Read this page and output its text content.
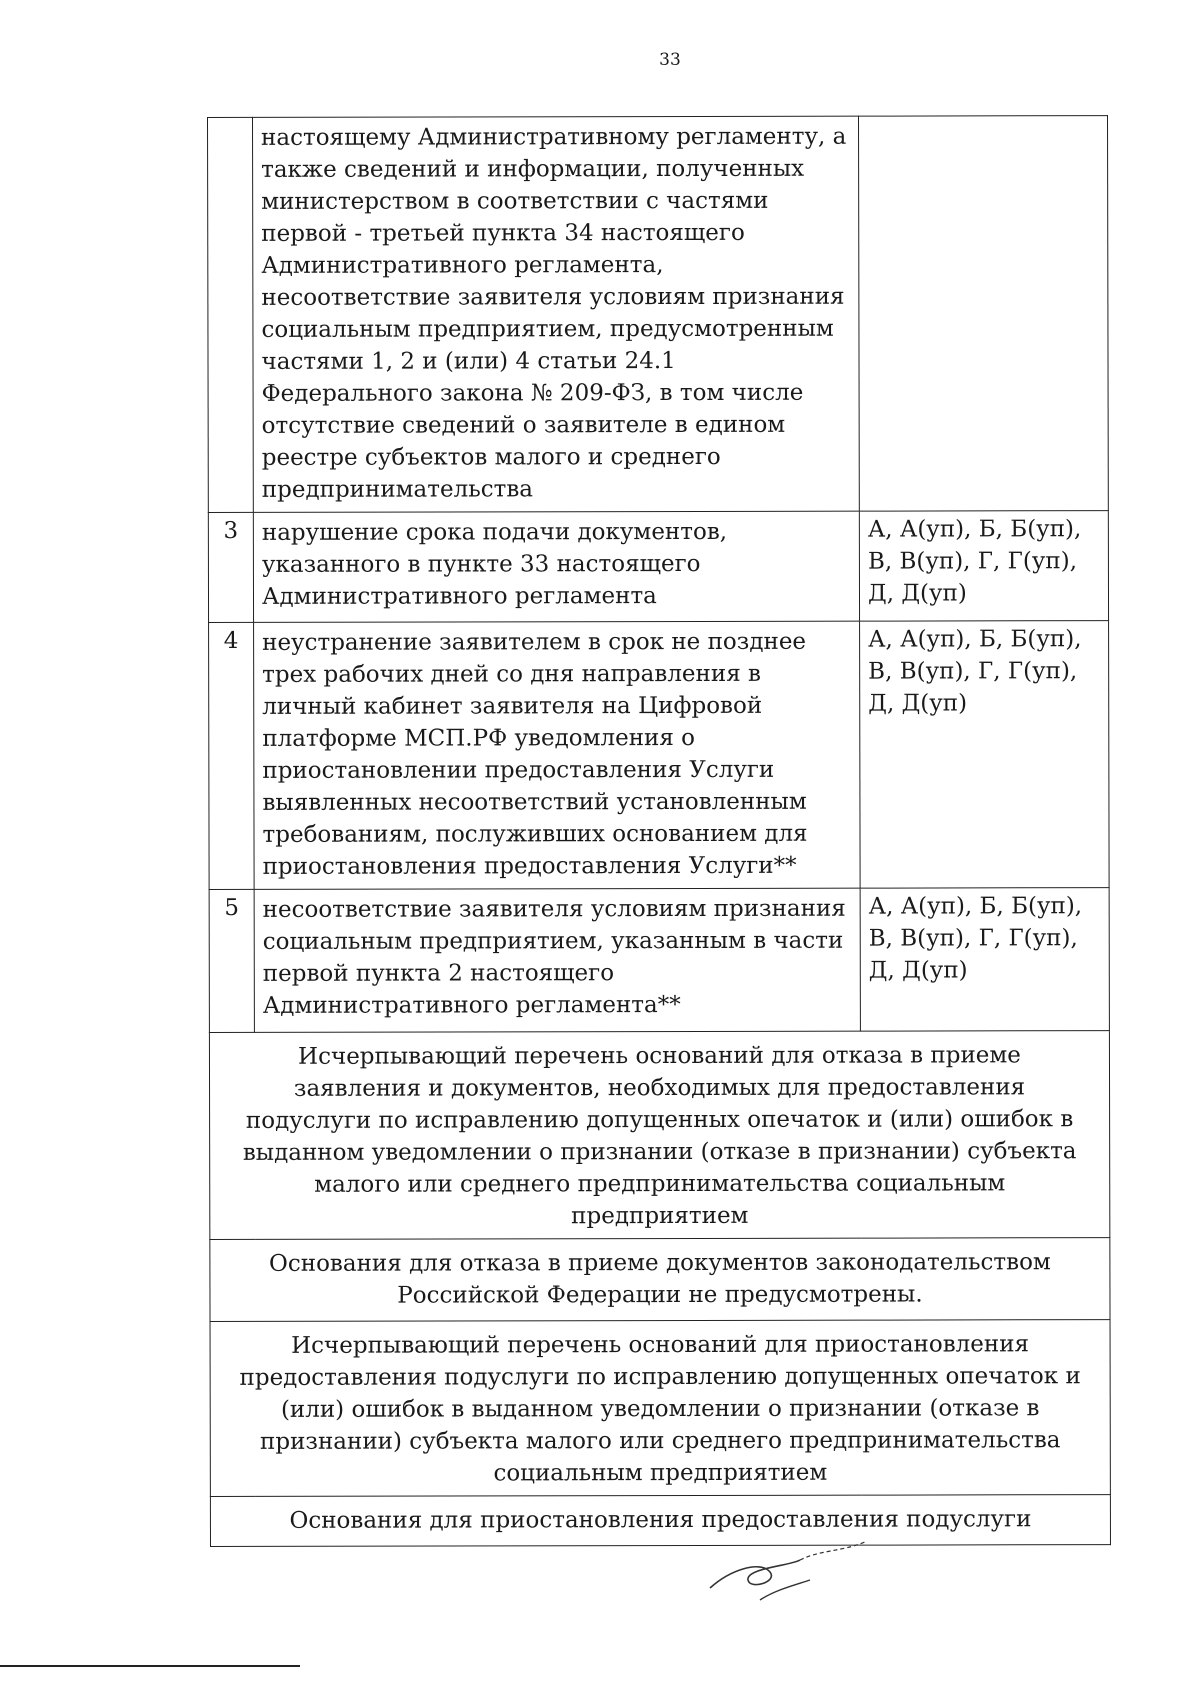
33
	настоящему Административному регламенту, а также сведений и информации, полученных министерством в соответствии с частями первой - третьей пункта 34 настоящего Административного регламента, несоответствие заявителя условиям признания социальным предприятием, предусмотренным частями 1, 2 и (или) 4 статьи 24.1 Федерального закона № 209-ФЗ, в том числе отсутствие сведений о заявителе в едином реестре субъектов малого и среднего предпринимательства	
3	нарушение срока подачи документов, указанного в пункте 33 настоящего Административного регламента	А, А(уп), Б, Б(уп), В, В(уп), Г, Г(уп), Д, Д(уп)
4	неустранение заявителем в срок не позднее трех рабочих дней со дня направления в личный кабинет заявителя на Цифровой платформе МСП.РФ уведомления о приостановлении предоставления Услуги выявленных несоответствий установленным требованиям, послуживших основанием для приостановления предоставления Услуги**	А, А(уп), Б, Б(уп), В, В(уп), Г, Г(уп), Д, Д(уп)
5	несоответствие заявителя условиям признания социальным предприятием, указанным в части первой пункта 2 настоящего Административного регламента**	А, А(уп), Б, Б(уп), В, В(уп), Г, Г(уп), Д, Д(уп)
Исчерпывающий перечень оснований для отказа в приеме заявления и документов, необходимых для предоставления подуслуги по исправлению допущенных опечаток и (или) ошибок в выданном уведомлении о признании (отказе в признании) субъекта малого или среднего предпринимательства социальным предприятием		
Основания для отказа в приеме документов законодательством Российской Федерации не предусмотрены.		
Исчерпывающий перечень оснований для приостановления предоставления подуслуги по исправлению допущенных опечаток и (или) ошибок в выданном уведомлении о признании (отказе в признании) субъекта малого или среднего предпринимательства социальным предприятием		
Основания для приостановления предоставления подуслуги		
